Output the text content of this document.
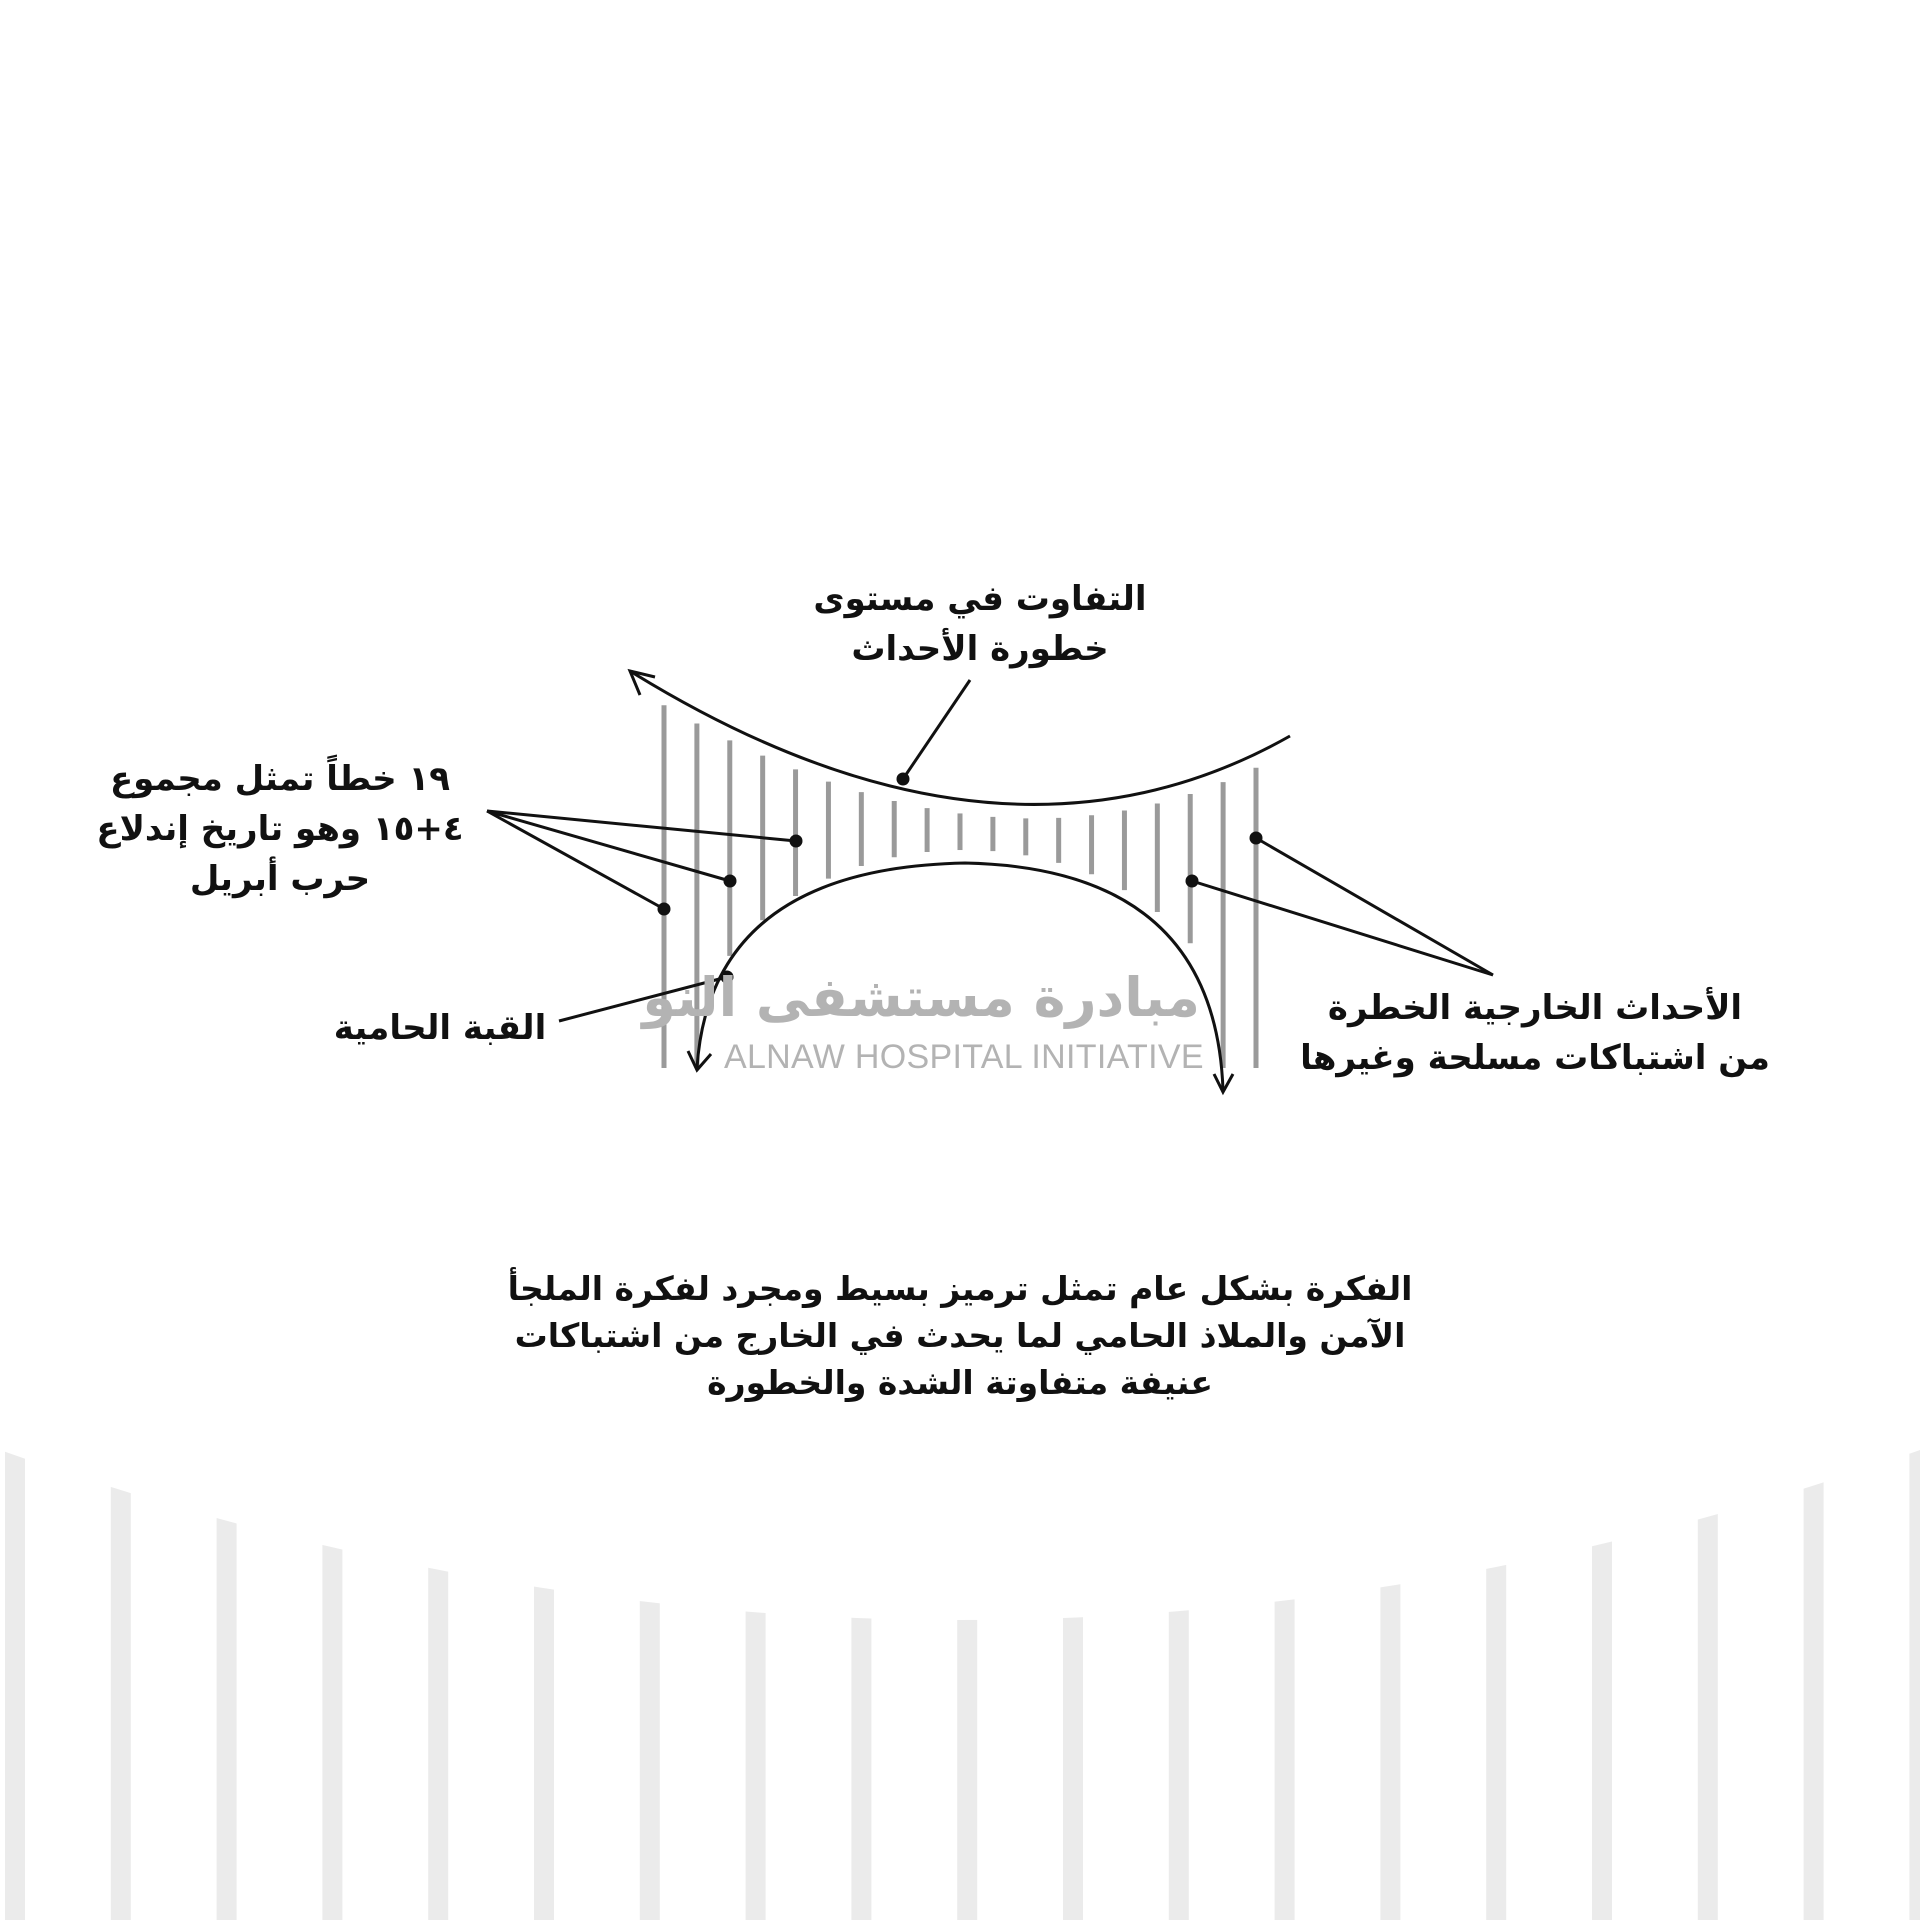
مبادرة مستشفى النو
ALNAW HOSPITAL INITIATIVE
التفاوت في مستوى
خطورة الأحداث
١٩ خطاً تمثل مجموع
٤+١٥ وهو تاريخ إندلاع
حرب أبريل
القبة الحامية	الأحداث الخارجية الخطرة
من اشتباكات مسلحة وغيرها
الفكرة بشكل عام تمثل ترميز بسيط ومجرد لفكرة الملجأ
الآمن والملاذ الحامي لما يحدث في الخارج من اشتباكات
عنيفة متفاوتة الشدة والخطورة
